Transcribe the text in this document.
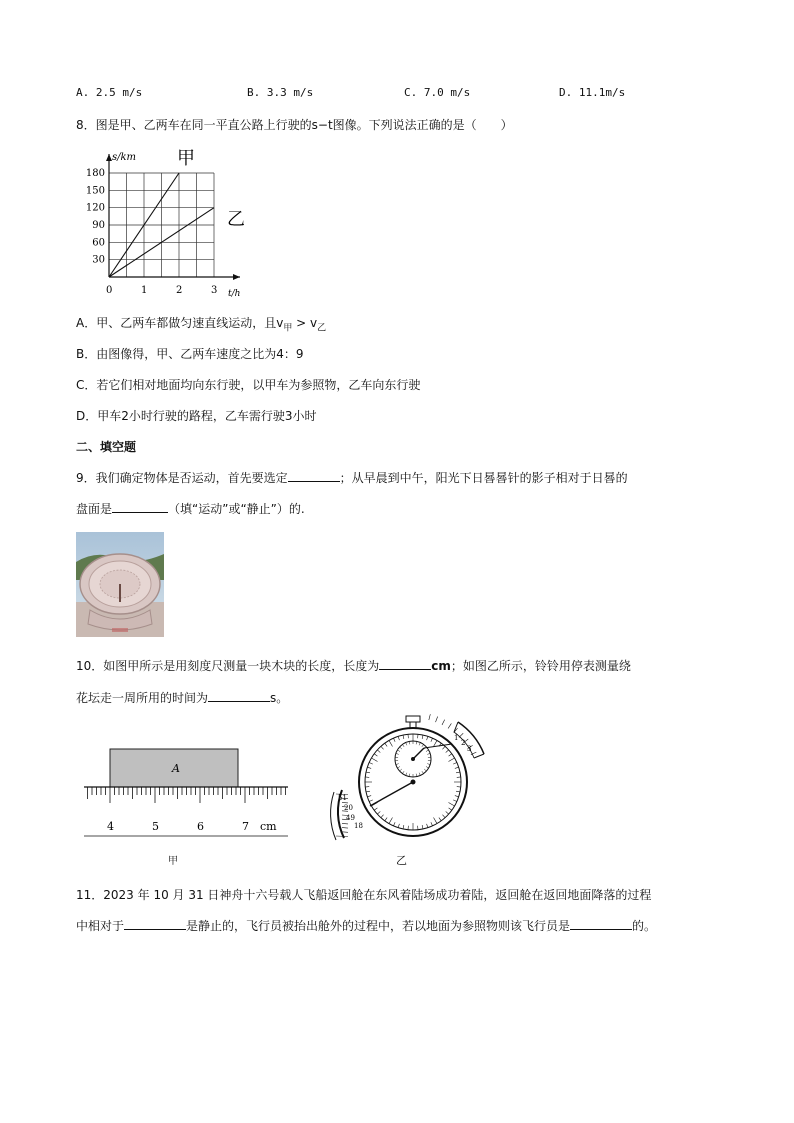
A. 2.5 m/s	B. 3.3 m/s	C. 7.0 m/s	D. 11.1m/s
8．图是甲、乙两车在同一平直公路上行驶的s−t图像。下列说法正确的是（　　）
0	1	2	3
30
60
90
120
150
180
s/km
t/h
甲
乙
A．甲、乙两车都做匀速直线运动，且$v_甲 > v_乙$
B．由图像得，甲、乙两车速度之比为4：9
C．若它们相对地面均向东行驶，以甲车为参照物，乙车向东行驶
D．甲车2小时行驶的路程，乙车需行驶3小时
二、填空题
9．我们确定物体是否运动，首先要选定	；从早晨到中午，阳光下日晷晷针的影子相对于日晷的
盘面是	（填“运动”或“静止”）的.
10．如图甲所示是用刻度尺测量一块木块的长度，长度为	cm；如图乙所示，铃铃用停表测量绕
花坛走一周所用的时间为	s。
A
4	5	6	7 cm
甲
1
2
3
51
20
49
18
乙
11．2023 年 10 月 31 日神舟十六号载人飞船返回舱在东风着陆场成功着陆，返回舱在返回地面降落的过程
中相对于	是静止的，飞行员被抬出舱外的过程中，若以地面为参照物则该飞行员是	的。
